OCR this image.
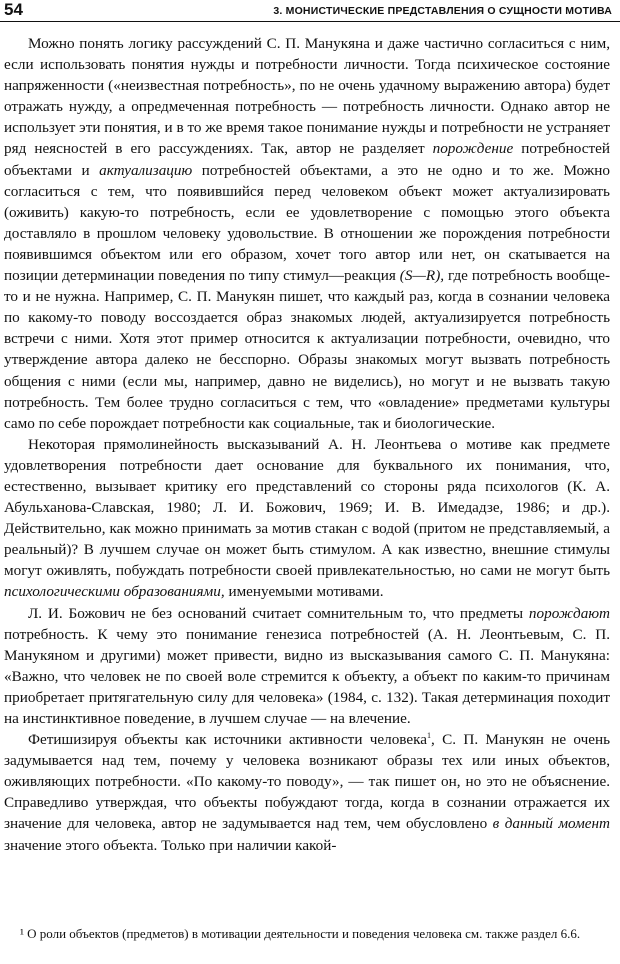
54	3. МОНИСТИЧЕСКИЕ ПРЕДСТАВЛЕНИЯ О СУЩНОСТИ МОТИВА

Можно понять логику рассуждений С. П. Манукяна и даже частично согласиться с ним, если использовать понятия нужды и потребности личности. Тогда психическое состояние напряженности («неизвестная потребность», по не очень удачному выражению автора) будет отражать нужду, а опредмеченная потребность — потребность личности. Однако автор не использует эти понятия, и в то же время такое понимание нужды и потребности не устраняет ряд неясностей в его рассуждениях. Так, автор не разделяет порождение потребностей объектами и актуализацию потребностей объектами, а это не одно и то же. Можно согласиться с тем, что появившийся перед человеком объект может актуализировать (оживить) какую-то потребность, если ее удовлетворение с помощью этого объекта доставляло в прошлом человеку удовольствие. В отношении же порождения потребности появившимся объектом или его образом, хочет того автор или нет, он скатывается на позиции детерминации поведения по типу стимул—реакция (S—R), где потребность вообще-то и не нужна. Например, С. П. Манукян пишет, что каждый раз, когда в сознании человека по какому-то поводу воссоздается образ знакомых людей, актуализируется потребность встречи с ними. Хотя этот пример относится к актуализации потребности, очевидно, что утверждение автора далеко не бесспорно. Образы знакомых могут вызвать потребность общения с ними (если мы, например, давно не виделись), но могут и не вызвать такую потребность. Тем более трудно согласиться с тем, что «овладение» предметами культуры само по себе порождает потребности как социальные, так и биологические.

Некоторая прямолинейность высказываний А. Н. Леонтьева о мотиве как предмете удовлетворения потребности дает основание для буквального их понимания, что, естественно, вызывает критику его представлений со стороны ряда психологов (К. А. Абульханова-Славская, 1980; Л. И. Божович, 1969; И. В. Имедадзе, 1986; и др.). Действительно, как можно принимать за мотив стакан с водой (притом не представляемый, а реальный)? В лучшем случае он может быть стимулом. А как известно, внешние стимулы могут оживлять, побуждать потребности своей привлекательностью, но сами не могут быть психологическими образованиями, именуемыми мотивами.

Л. И. Божович не без оснований считает сомнительным то, что предметы порождают потребность. К чему это понимание генезиса потребностей (А. Н. Леонтьевым, С. П. Манукяном и другими) может привести, видно из высказывания самого С. П. Манукяна: «Важно, что человек не по своей воле стремится к объекту, а объект по каким-то причинам приобретает притягательную силу для человека» (1984, с. 132). Такая детерминация походит на инстинктивное поведение, в лучшем случае — на влечение.

Фетишизируя объекты как источники активности человека$^1$, С. П. Манукян не очень задумывается над тем, почему у человека возникают образы тех или иных объектов, оживляющих потребности. «По какому-то поводу», — так пишет он, но это не объяснение. Справедливо утверждая, что объекты побуждают тогда, когда в сознании отражается их значение для человека, автор не задумывается над тем, чем обусловлено в данный момент значение этого объекта. Только при наличии какой-

¹ О роли объектов (предметов) в мотивации деятельности и поведения человека см. также раздел 6.6.
